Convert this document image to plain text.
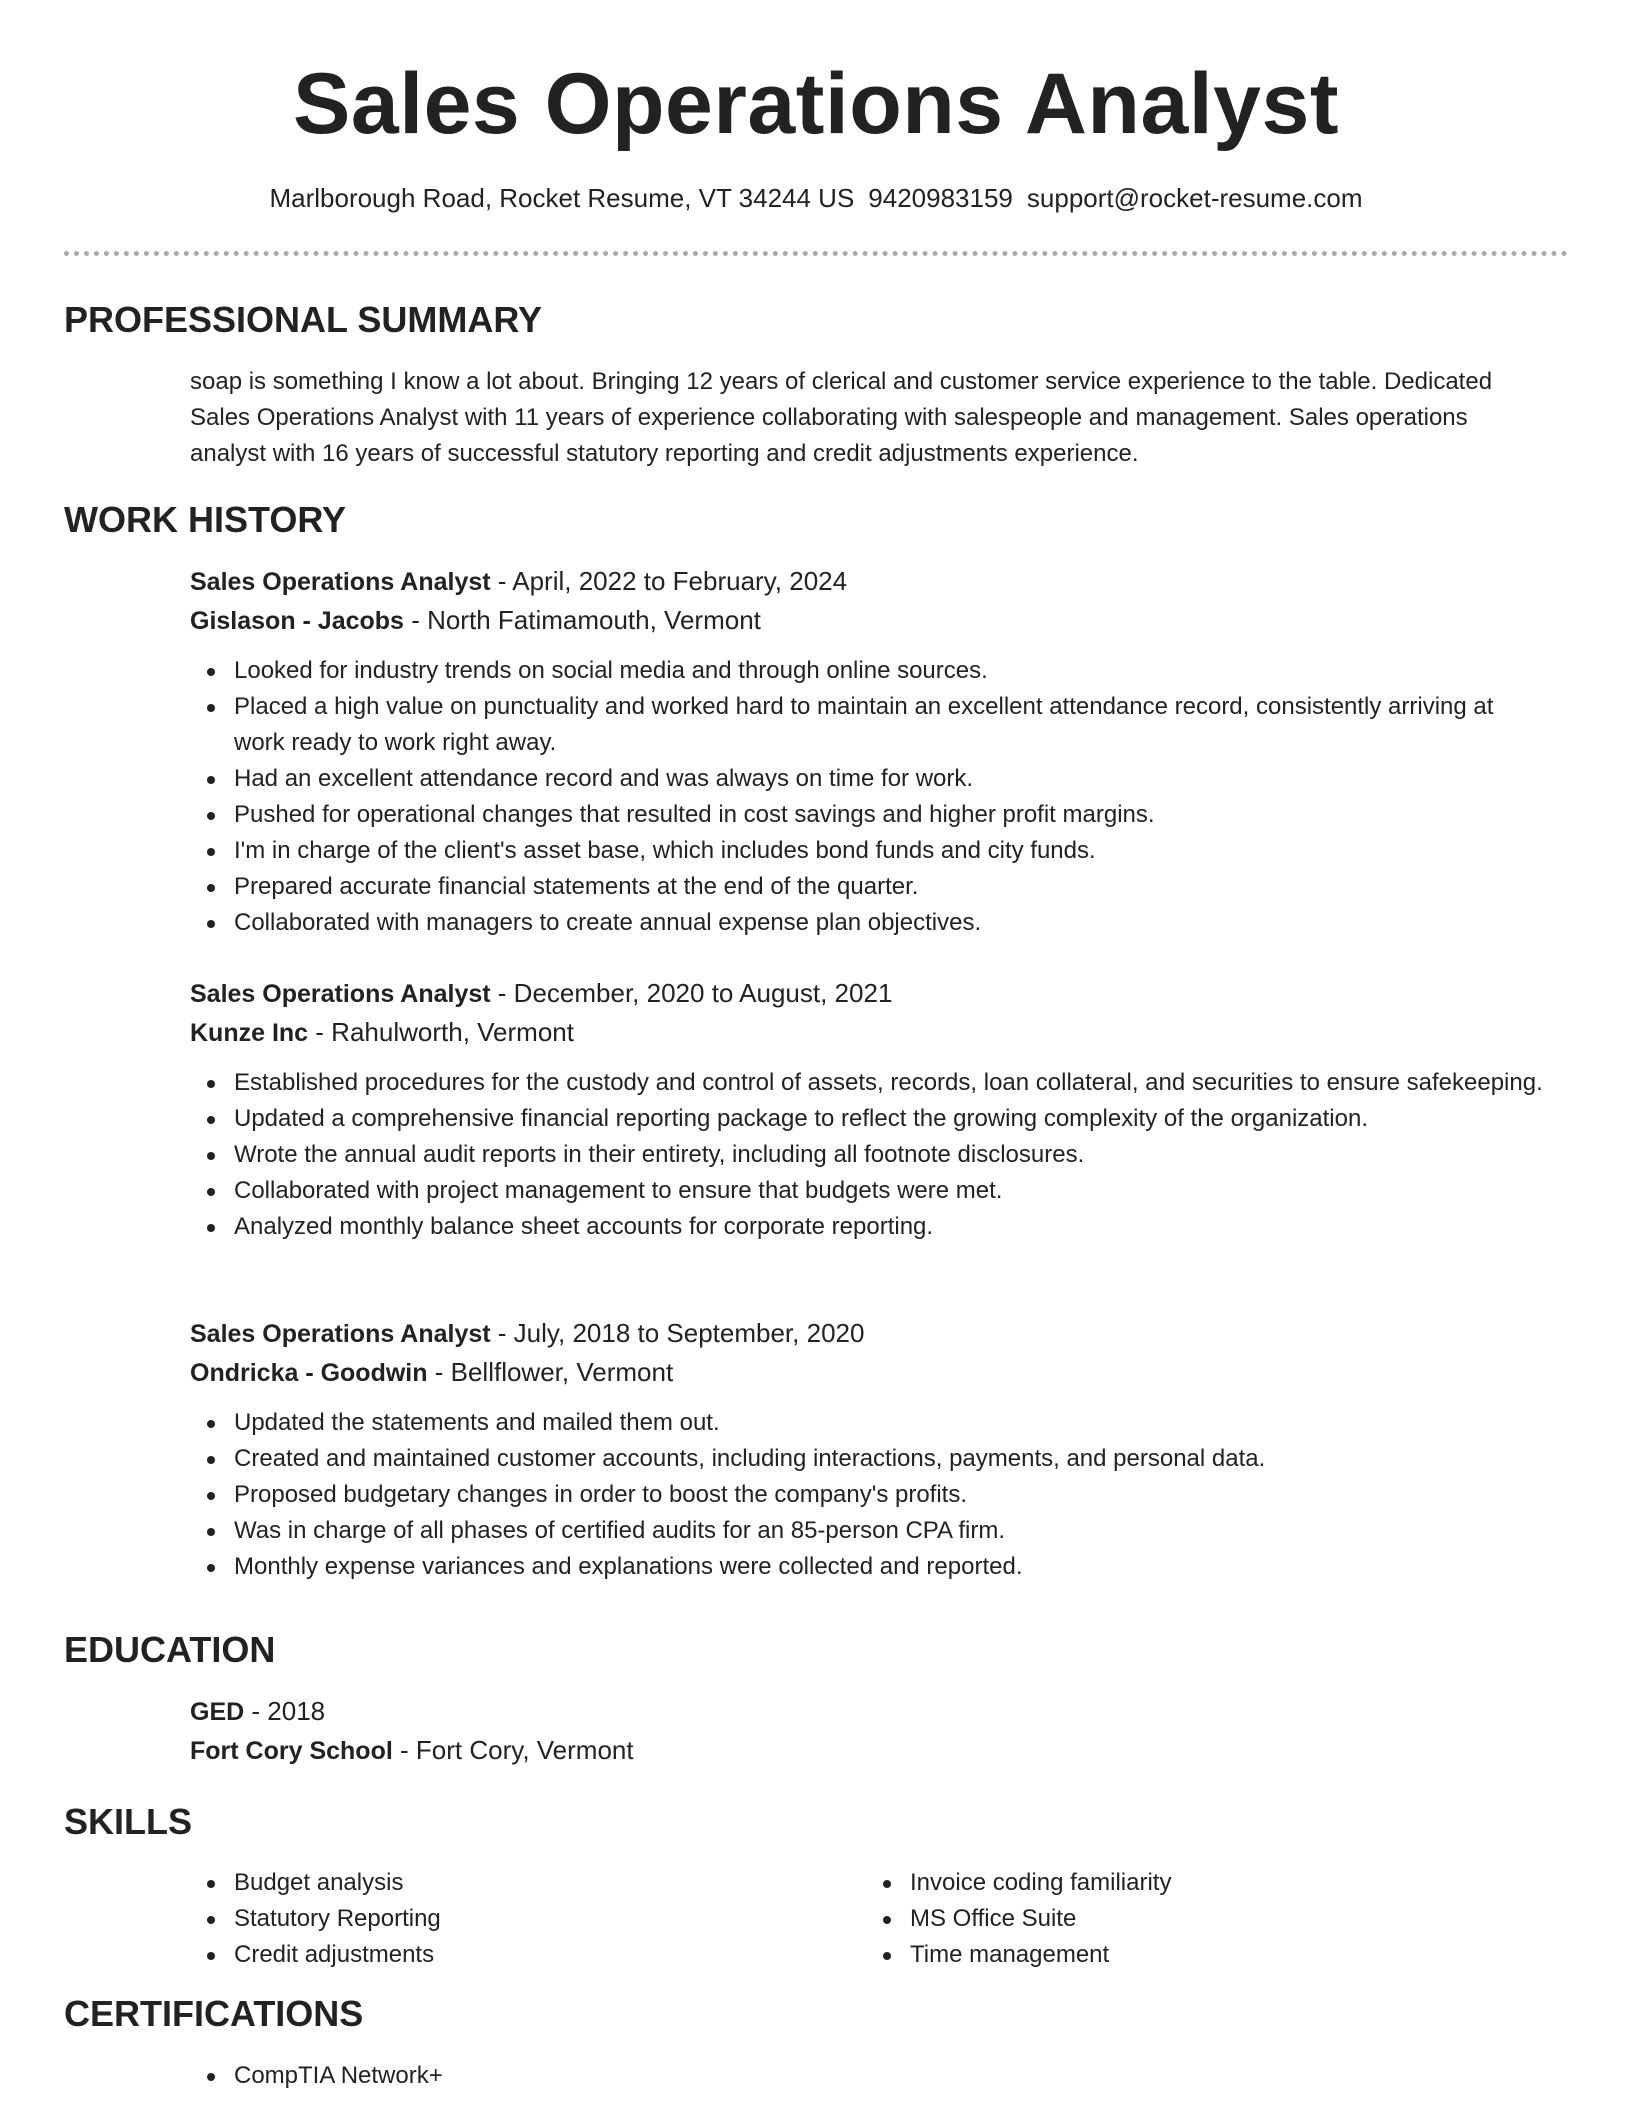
Sales Operations Analyst
Marlborough Road, Rocket Resume, VT 34244 US 9420983159 support@rocket-resume.com
PROFESSIONAL SUMMARY

soap is something I know a lot about. Bringing 12 years of clerical and customer service experience to the table. Dedicated Sales Operations Analyst with 11 years of experience collaborating with salespeople and management. Sales operations analyst with 16 years of successful statutory reporting and credit adjustments experience.

WORK HISTORY

Sales Operations Analyst - April, 2022 to February, 2024

Gislason - Jacobs - North Fatimamouth, Vermont

Looked for industry trends on social media and through online sources.
Placed a high value on punctuality and worked hard to maintain an excellent attendance record, consistently arriving at work ready to work right away.
Had an excellent attendance record and was always on time for work.
Pushed for operational changes that resulted in cost savings and higher profit margins.
I'm in charge of the client's asset base, which includes bond funds and city funds.
Prepared accurate financial statements at the end of the quarter.
Collaborated with managers to create annual expense plan objectives.

Sales Operations Analyst - December, 2020 to August, 2021

Kunze Inc - Rahulworth, Vermont

Established procedures for the custody and control of assets, records, loan collateral, and securities to ensure safekeeping.
Updated a comprehensive financial reporting package to reflect the growing complexity of the organization.
Wrote the annual audit reports in their entirety, including all footnote disclosures.
Collaborated with project management to ensure that budgets were met.
Analyzed monthly balance sheet accounts for corporate reporting.

Sales Operations Analyst - July, 2018 to September, 2020

Ondricka - Goodwin - Bellflower, Vermont

Updated the statements and mailed them out.
Created and maintained customer accounts, including interactions, payments, and personal data.
Proposed budgetary changes in order to boost the company's profits.
Was in charge of all phases of certified audits for an 85-person CPA firm.
Monthly expense variances and explanations were collected and reported.
EDUCATION

GED - 2018

Fort Cory School - Fort Cory, Vermont

SKILLS
Budget analysis
Statutory Reporting
Credit adjustments
Invoice coding familiarity
MS Office Suite
Time management
CERTIFICATIONS
CompTIA Network+
